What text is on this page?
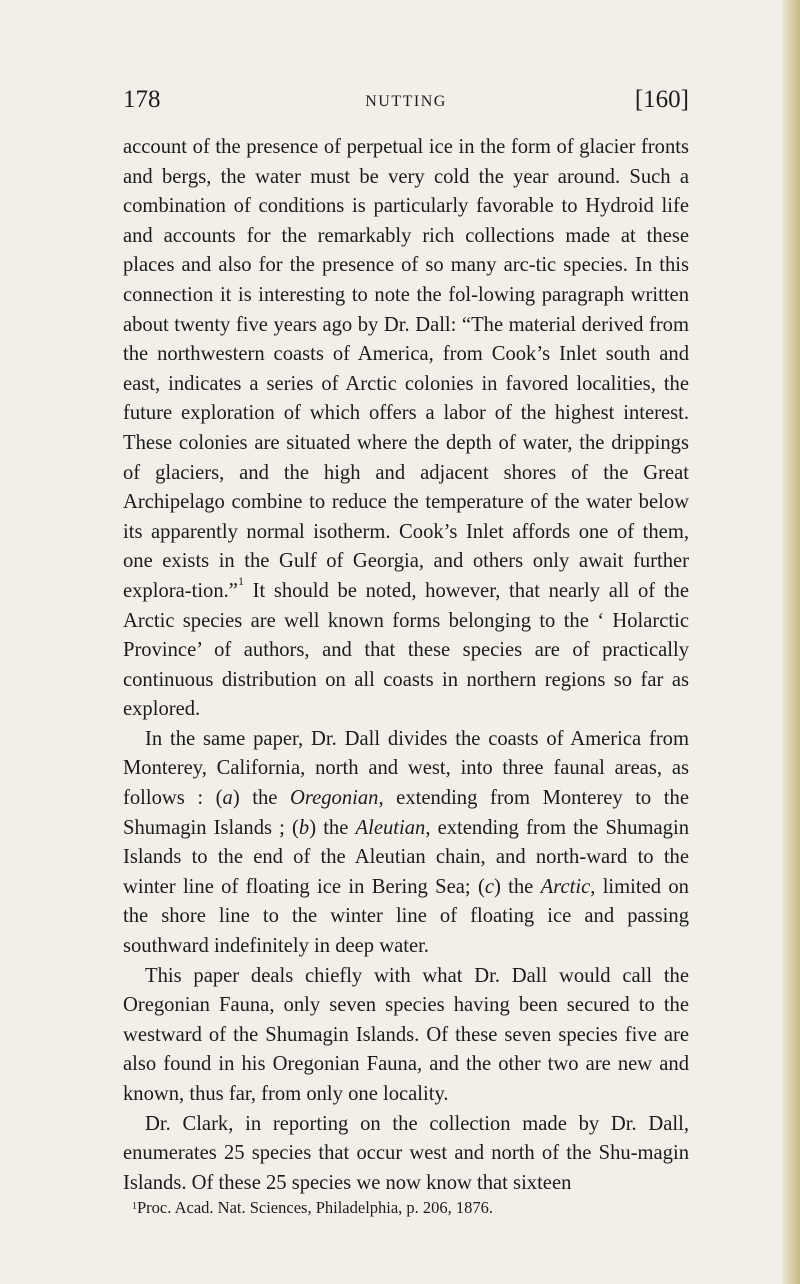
178	NUTTING	[160]

account of the presence of perpetual ice in the form of glacier fronts and bergs, the water must be very cold the year around. Such a combination of conditions is particularly favorable to Hydroid life and accounts for the remarkably rich collections made at these places and also for the presence of so many arc-tic species. In this connection it is interesting to note the fol-lowing paragraph written about twenty five years ago by Dr. Dall: “The material derived from the northwestern coasts of America, from Cook’s Inlet south and east, indicates a series of Arctic colonies in favored localities, the future exploration of which offers a labor of the highest interest. These colonies are situated where the depth of water, the drippings of glaciers, and the high and adjacent shores of the Great Archipelago combine to reduce the temperature of the water below its apparently normal isotherm. Cook’s Inlet affords one of them, one exists in the Gulf of Georgia, and others only await further explora-tion.”$^1$ It should be noted, however, that nearly all of the Arctic species are well known forms belonging to the ‘ Holarctic Province’ of authors, and that these species are of practically continuous distribution on all coasts in northern regions so far as explored.

In the same paper, Dr. Dall divides the coasts of America from Monterey, California, north and west, into three faunal areas, as follows : (a) the Oregonian, extending from Monterey to the Shumagin Islands ; (b) the Aleutian, extending from the Shumagin Islands to the end of the Aleutian chain, and north-ward to the winter line of floating ice in Bering Sea; (c) the Arctic, limited on the shore line to the winter line of floating ice and passing southward indefinitely in deep water.

This paper deals chiefly with what Dr. Dall would call the Oregonian Fauna, only seven species having been secured to the westward of the Shumagin Islands. Of these seven species five are also found in his Oregonian Fauna, and the other two are new and known, thus far, from only one locality.

Dr. Clark, in reporting on the collection made by Dr. Dall, enumerates 25 species that occur west and north of the Shu-magin Islands. Of these 25 species we now know that sixteen

$^1$Proc. Acad. Nat. Sciences, Philadelphia, p. 206, 1876.
